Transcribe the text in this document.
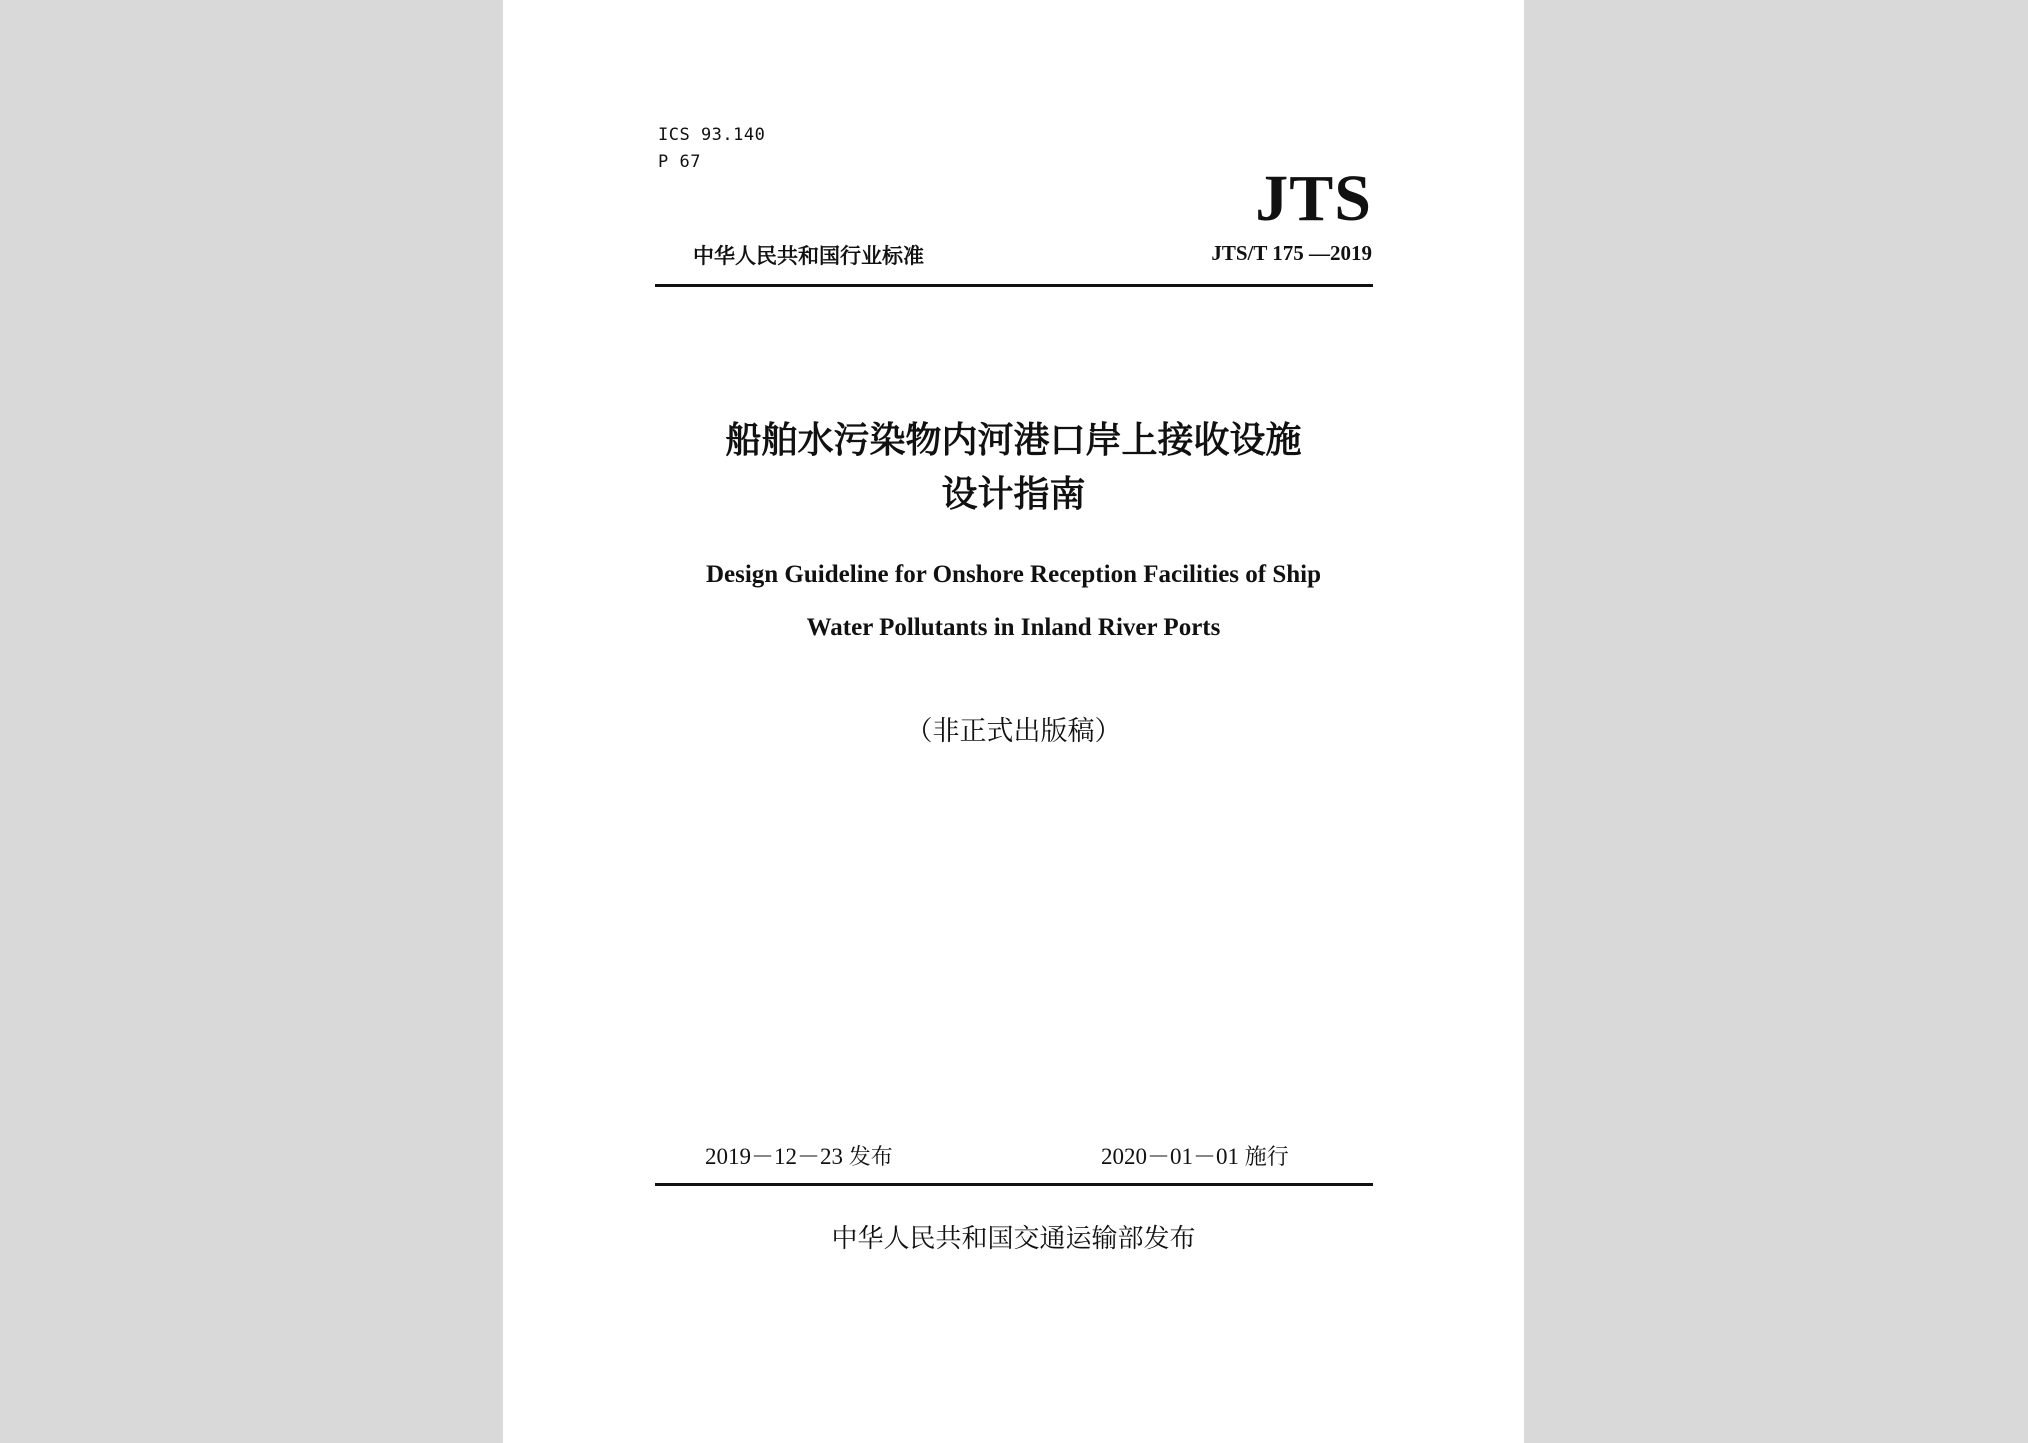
ICS 93.140
P 67	JTS
中华人民共和国行业标准	JTS/T 175 —2019
船舶水污染物内河港口岸上接收设施
设计指南
Design Guideline for Onshore Reception Facilities of Ship
Water Pollutants in Inland River Ports
（非正式出版稿）
2019－12－23 发布	2020－01－01 施行
中华人民共和国交通运输部发布
